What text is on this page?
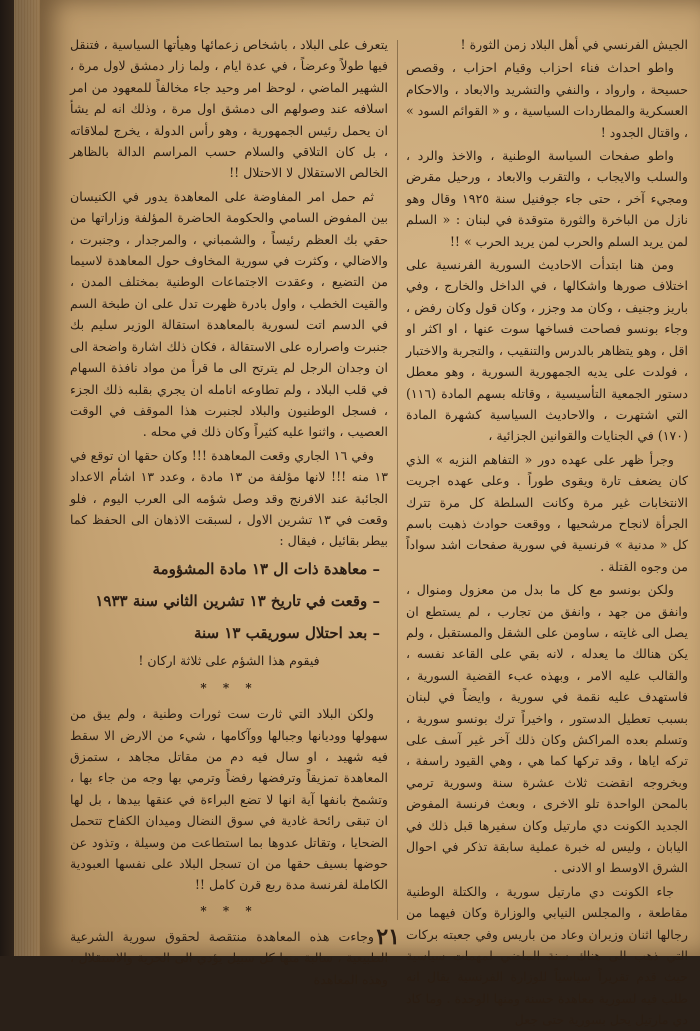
الجيش الفرنسي في أهل البلاد زمن الثورة !

واطو احداث فناء احزاب وقيام احزاب ، وقصص حسيحة ، وارواد ، والنفي والتشريد والابعاد ، والاحكام العسكرية والمطاردات السياسية ، و « القوائم السود » ، واقتال الجدود !

واطو صفحات السياسة الوطنية ، والاخذ والرد ، والسلب والايجاب ، والتقرب والابعاد ، ورحيل مقرض ومجيء آخر ، حتى جاء جوفنيل سنة ١٩٢٥ وقال وهو نازل من الباخرة والثورة متوقدة في لبنان : « السلم لمن يريد السلم والحرب لمن يريد الحرب » !!

ومن هنا ابتدأت الاحاديث السورية الفرنسية على اختلاف صورها واشكالها ، في الداخل والخارج ، وفي باريز وجنيف ، وكان مد وجزر ، وكان قول وكان رفض ، وجاء بونسو فصاحت فساخها سوت عنها ، او اكثر او اقل ، وهو يتظاهر بالدرس والتنقيب ، والتجربة والاختبار ، فولدت على يديه الجمهورية السورية ، وهو معطل دستور الجمعية التأسيسية ، وقاتله بسهم المادة (١١٦) التي اشتهرت ، والاحاديث السياسية كشهرة المادة (١٧٠) في الجنايات والقوانين الجزائية ،

وجرأ ظهر على عهده دور « التفاهم النزيه » الذي كان يضعف تارة ويقوى طوراً . وعلى عهده اجريت الانتخابات غير مرة وكانت السلطة كل مرة تترك الجرأة لانجاح مرشحيها ، ووقعت حوادث ذهبت باسم كل « مدنية » فرنسية في سورية صفحات اشد سواداً من وجوه القتلة .

ولكن بونسو مع كل ما بدل من معزول ومنوال ، وانفق من جهد ، وانفق من تجارب ، لم يستطع ان يصل الى غايته ، ساومن على الشقل والمستقبل ، ولم يكن هنالك ما يعدله ، لانه بقي على القاعد نفسه ، والقالب عليه الامر ، وبهذه عبء القضية السورية ، فاستهدف عليه نقمة في سورية ، وايضاً في لبنان بسبب تعطيل الدستور ، واخيراً ترك بونسو سورية ، وتسلم بعده المراكش وكان ذلك آخر غير آسف على تركه اياها ، وقد تركها كما هي ، وهي القيود راسفة ، وبخروجه انقضت ثلاث عشرة سنة وسورية ترمي بالمحن الواحدة تلو الاخرى ، وبعث فرنسة المفوض الجديد الكونت دي مارتيل وكان سفيرها قبل ذلك في اليابان ، وليس له خبرة عملية سابقة تذكر في احوال الشرق الاوسط او الادنى .

جاء الكونت دي مارتيل سورية ، والكتلة الوطنية مقاطعة ، والمجلس النيابي والوزارة وكان فيهما من رجالها اثنان وزيران وعاد من باريس وفي جعبته بركات التي ذهب الى هناك سنة الماضي لمهمات سياسية حيث قدم تقريراً سياسياً للوزارة الفرنسية يقال انه طلب فيه لسورية معاهدة حسنة ومنها الوحدة . وما كاد دي مارتيل يحل بسورية حتى جعل

يتعرف على البلاد ، باشخاص زعمائها وهيأتها السياسية ، فتنقل فيها طولاً وعرضاً ، في عدة ايام ، ولما زار دمشق لاول مرة ، الشهير الماضي ، لوحظ امر وحيد جاء مخالفاً للمعهود من امر اسلافه عند وصولهم الى دمشق اول مرة ، وذلك انه لم يشأ ان يحمل رئيس الجمهورية ، وهو رأس الدولة ، يخرج لملاقاته ، بل كان التلاقي والسلام حسب المراسم الدالة بالظاهر الخالص الاستقلال لا الاحتلال !!

ثم حمل امر المفاوضة على المعاهدة يدور في الكنيسان بين المفوض السامي والحكومة الحاضرة المؤلفة وزاراتها من حقي بك العظم رئيساً ، والشمباني ، والمرجدار ، وجنبرت ، والاضالي ، وكثرت في سورية المخاوف حول المعاهدة لاسيما من التضيع ، وعقدت الاجتماعات الوطنية بمختلف المدن ، والقيت الخطب ، واول بادرة ظهرت تدل على ان طبخة السم في الدسم اتت لسورية بالمعاهدة استقالة الوزير سليم بك جنبرت واصراره على الاستقالة ، فكان ذلك اشارة واضحة الى ان وجدان الرجل لم يترتح الى ما قرأ من مواد نافذة السهام في قلب البلاد ، ولم تطاوعه انامله ان يجري بقلبه ذلك الجزء ، فسجل الوطنيون والبلاد لجنبرت هذا الموقف في الوقت العصيب ، واثنوا عليه كثيراً وكان ذلك في محله .

وفي ١٦ الجاري وقعت المعاهدة !!! وكان حقها ان توقع في ١٣ منه !!! لانها مؤلفة من ١٣ مادة ، وعدد ١٣ اشأم الاعداد الجائبة عند الافرنج وقد وصل شؤمه الى العرب اليوم ، فلو وقعت في ١٣ تشرين الاول ، لسبقت الاذهان الى الحفظ كما بيطر بقائيل ، فيقال :

– معاهدة ذات ال ١٣ مادة المشؤومة
– وقعت في تاريخ ١٣ تشرين الثاني سنة ١٩٣٣
– بعد احتلال سوريقب ١٣ سنة
فيقوم هذا الشؤم على ثلاثة اركان !
* * *

ولكن البلاد التي ثارت ست ثورات وطنية ، ولم يبق من سهولها ووديانها وجبالها ووآكامها ، شيء من الارض الا سقط فيه شهيد ، او سال فيه دم من مقاتل مجاهد ، ستمزق المعاهدة تمزيقاً وترفضها رفضاً وترمي بها وجه من جاء بها ، وتشمخ بانفها آية انها لا تضع البراءة في عنقها بيدها ، بل لها ان تبقى رائحة غادية في سوق النضال وميدان الكفاح تتحمل الضحايا ، وتقاتل عدوها بما استطاعت من وسيلة ، وتذود عن حوضها بسيف حقها من ان تسجل البلاد على نفسها العبودية الكاملة لفرنسة مدة ربع قرن كامل !!

* * *

وجاءت هذه المعاهدة منتقصة لحقوق سورية الشرعية الطبيعية ، سالبة منها كل سبيل يؤدي الى الحرية والاستقلال ، وهذه المعاهدة

٢١
